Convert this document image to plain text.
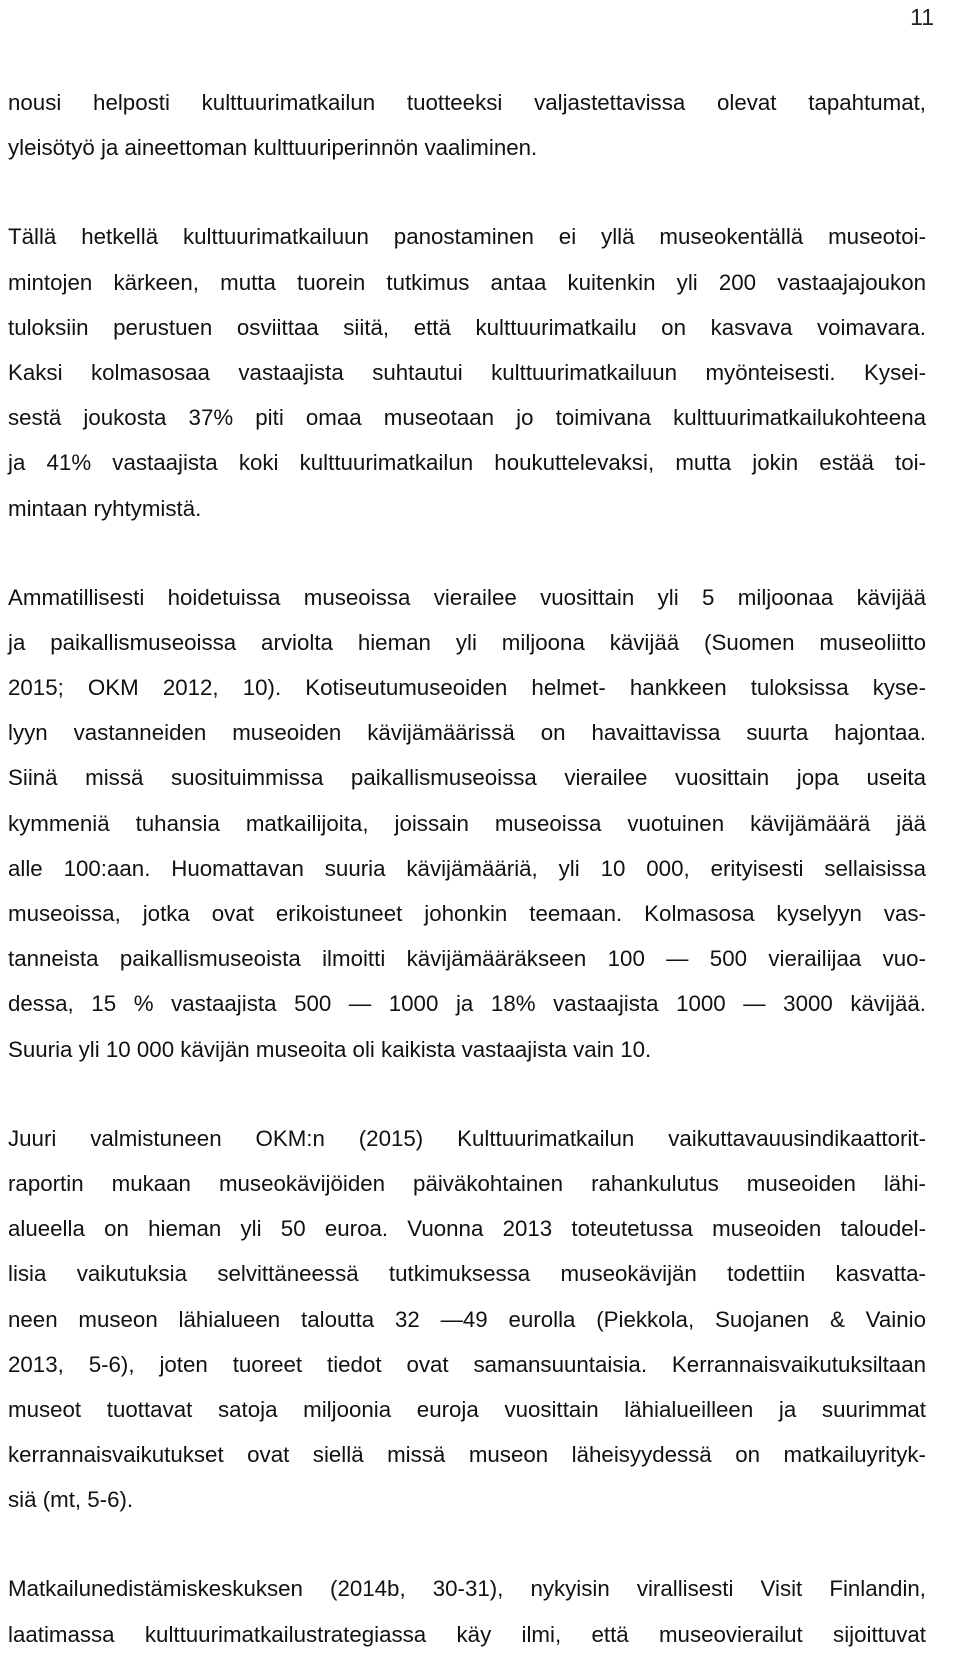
11
nousi helposti kulttuurimatkailun tuotteeksi valjastettavissa olevat tapahtumat,
yleisötyö ja aineettoman kulttuuriperinnön vaaliminen.
Tällä hetkellä kulttuurimatkailuun panostaminen ei yllä museokentällä museotoi-
mintojen kärkeen, mutta tuorein tutkimus antaa kuitenkin yli 200 vastaajajoukon
tuloksiin perustuen osviittaa siitä, että kulttuurimatkailu on kasvava voimavara.
Kaksi kolmasosaa vastaajista suhtautui kulttuurimatkailuun myönteisesti. Kysei-
sestä joukosta 37% piti omaa museotaan jo toimivana kulttuurimatkailukohteena
ja 41% vastaajista koki kulttuurimatkailun houkuttelevaksi, mutta jokin estää toi-
mintaan ryhtymistä.
Ammatillisesti hoidetuissa museoissa vierailee vuosittain yli 5 miljoonaa kävijää
ja paikallismuseoissa arviolta hieman yli miljoona kävijää (Suomen museoliitto
2015; OKM 2012, 10). Kotiseutumuseoiden helmet- hankkeen tuloksissa kyse-
lyyn vastanneiden museoiden kävijämäärissä on havaittavissa suurta hajontaa.
Siinä missä suosituimmissa paikallismuseoissa vierailee vuosittain jopa useita
kymmeniä tuhansia matkailijoita, joissain museoissa vuotuinen kävijämäärä jää
alle 100:aan. Huomattavan suuria kävijämääriä, yli 10 000, erityisesti sellaisissa
museoissa, jotka ovat erikoistuneet johonkin teemaan. Kolmasosa kyselyyn vas-
tanneista paikallismuseoista ilmoitti kävijämääräkseen 100 — 500 vierailijaa vuo-
dessa, 15 % vastaajista 500 — 1000 ja 18% vastaajista 1000 — 3000 kävijää.
Suuria yli 10 000 kävijän museoita oli kaikista vastaajista vain 10.
Juuri valmistuneen OKM:n (2015) Kulttuurimatkailun vaikuttavauusindikaattorit-
raportin mukaan museokävijöiden päiväkohtainen rahankulutus museoiden lähi-
alueella on hieman yli 50 euroa. Vuonna 2013 toteutetussa museoiden taloudel-
lisia vaikutuksia selvittäneessä tutkimuksessa museokävijän todettiin kasvatta-
neen museon lähialueen taloutta 32 —49 eurolla (Piekkola, Suojanen & Vainio
2013, 5-6), joten tuoreet tiedot ovat samansuuntaisia. Kerrannaisvaikutuksiltaan
museot tuottavat satoja miljoonia euroja vuosittain lähialueilleen ja suurimmat
kerrannaisvaikutukset ovat siellä missä museon läheisyydessä on matkailuyrityk-
siä (mt, 5-6).
Matkailunedistämiskeskuksen (2014b, 30-31), nykyisin virallisesti Visit Finlandin,
laatimassa kulttuurimatkailustrategiassa käy ilmi, että museovierailut sijoittuvat
